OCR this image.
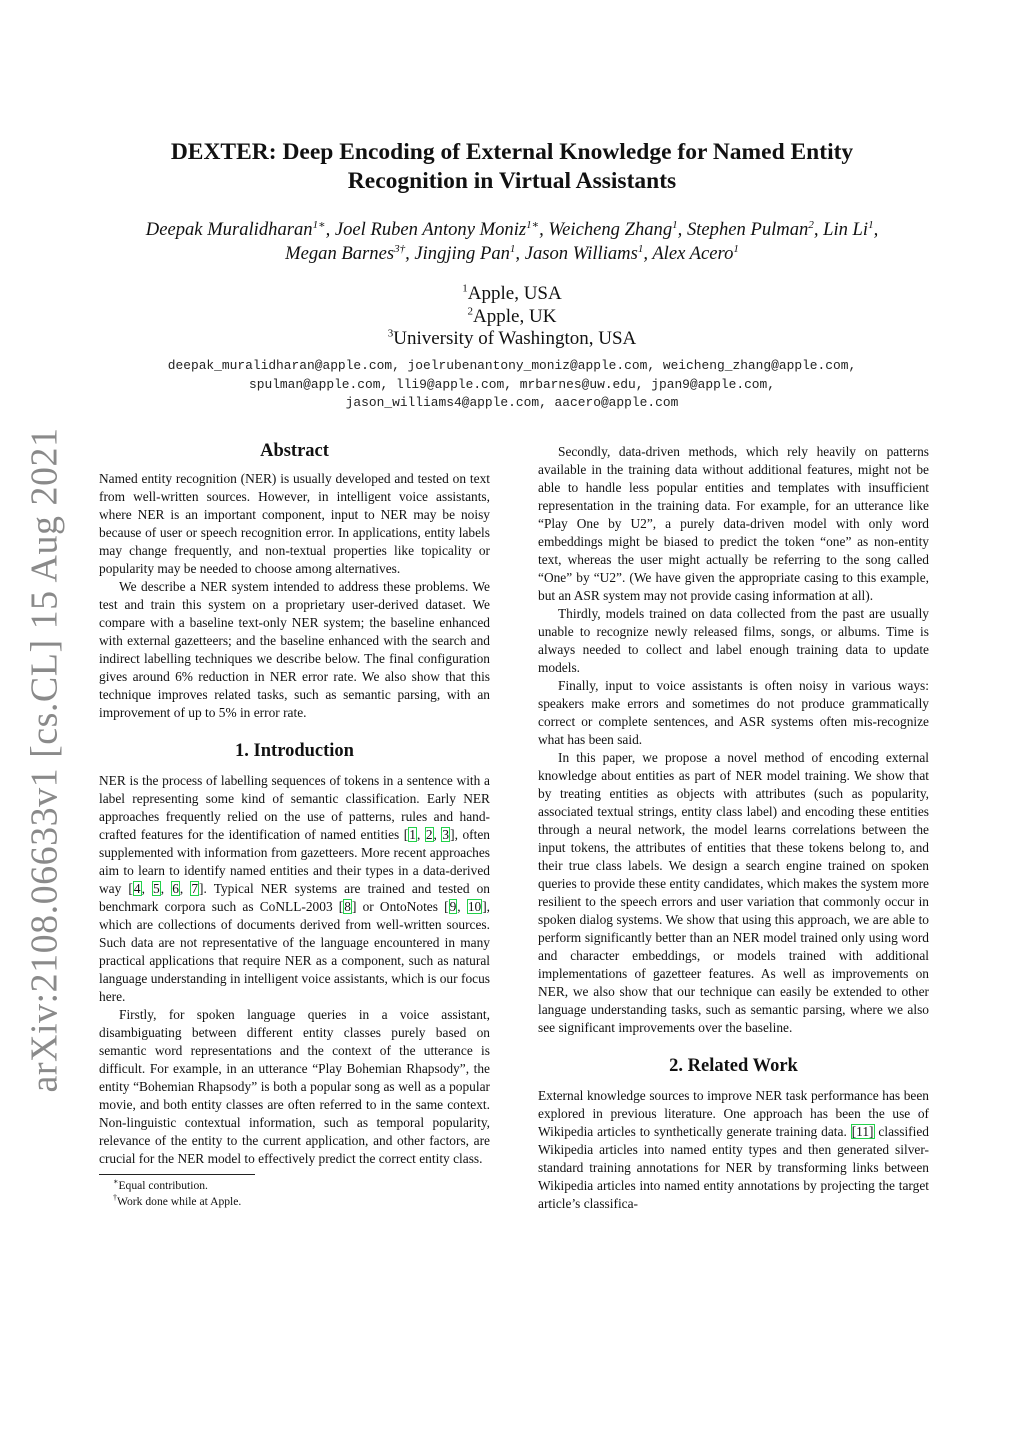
arXiv:2108.06633v1 [cs.CL] 15 Aug 2021
DEXTER: Deep Encoding of External Knowledge for Named Entity
Recognition in Virtual Assistants
Deepak Muralidharan$^{1∗}$, Joel Ruben Antony Moniz$^{1∗}$, Weicheng Zhang$^1$, Stephen Pulman$^2$, Lin Li$^1$,
Megan Barnes$^{3\dagger}$, Jingjing Pan$^1$, Jason Williams$^1$, Alex Acero$^1$
$^1$Apple, USA
$^2$Apple, UK
$^3$University of Washington, USA
deepak_muralidharan@apple.com, joelrubenantony_moniz@apple.com, weicheng_zhang@apple.com,
spulman@apple.com, lli9@apple.com, mrbarnes@uw.edu, jpan9@apple.com,
jason_williams4@apple.com, aacero@apple.com
Abstract

Named entity recognition (NER) is usually developed and tested on text from well-written sources. However, in intelligent voice assistants, where NER is an important component, input to NER may be noisy because of user or speech recognition error. In applications, entity labels may change frequently, and non-textual properties like topicality or popularity may be needed to choose among alternatives.

We describe a NER system intended to address these problems. We test and train this system on a proprietary user-derived dataset. We compare with a baseline text-only NER system; the baseline enhanced with external gazetteers; and the baseline enhanced with the search and indirect labelling techniques we describe below. The final configuration gives around 6% reduction in NER error rate. We also show that this technique improves related tasks, such as semantic parsing, with an improvement of up to 5% in error rate.

1. Introduction

NER is the process of labelling sequences of tokens in a sentence with a label representing some kind of semantic classification. Early NER approaches frequently relied on the use of patterns, rules and hand-crafted features for the identification of named entities [1, 2, 3], often supplemented with information from gazetteers. More recent approaches aim to learn to identify named entities and their types in a data-derived way [4, 5, 6, 7]. Typical NER systems are trained and tested on benchmark corpora such as CoNLL-2003 [8] or OntoNotes [9, 10], which are collections of documents derived from well-written sources. Such data are not representative of the language encountered in many practical applications that require NER as a component, such as natural language understanding in intelligent voice assistants, which is our focus here.

Firstly, for spoken language queries in a voice assistant, disambiguating between different entity classes purely based on semantic word representations and the context of the utterance is difficult. For example, in an utterance “Play Bohemian Rhapsody”, the entity “Bohemian Rhapsody” is both a popular song as well as a popular movie, and both entity classes are often referred to in the same context. Non-linguistic contextual information, such as temporal popularity, relevance of the entity to the current application, and other factors, are crucial for the NER model to effectively predict the correct entity class.

∗Equal contribution.
†Work done while at Apple.

Secondly, data-driven methods, which rely heavily on patterns available in the training data without additional features, might not be able to handle less popular entities and templates with insufficient representation in the training data. For example, for an utterance like “Play One by U2”, a purely data-driven model with only word embeddings might be biased to predict the token “one” as non-entity text, whereas the user might actually be referring to the song called “One” by “U2”. (We have given the appropriate casing to this example, but an ASR system may not provide casing information at all).

Thirdly, models trained on data collected from the past are usually unable to recognize newly released films, songs, or albums. Time is always needed to collect and label enough training data to update models.

Finally, input to voice assistants is often noisy in various ways: speakers make errors and sometimes do not produce grammatically correct or complete sentences, and ASR systems often mis-recognize what has been said.

In this paper, we propose a novel method of encoding external knowledge about entities as part of NER model training. We show that by treating entities as objects with attributes (such as popularity, associated textual strings, entity class label) and encoding these entities through a neural network, the model learns correlations between the input tokens, the attributes of entities that these tokens belong to, and their true class labels. We design a search engine trained on spoken queries to provide these entity candidates, which makes the system more resilient to the speech errors and user variation that commonly occur in spoken dialog systems. We show that using this approach, we are able to perform significantly better than an NER model trained only using word and character embeddings, or models trained with additional implementations of gazetteer features. As well as improvements on NER, we also show that our technique can easily be extended to other language understanding tasks, such as semantic parsing, where we also see significant improvements over the baseline.

2. Related Work

External knowledge sources to improve NER task performance has been explored in previous literature. One approach has been the use of Wikipedia articles to synthetically generate training data. [11] classified Wikipedia articles into named entity types and then generated silver-standard training annotations for NER by transforming links between Wikipedia articles into named entity annotations by projecting the target article’s classifica-
